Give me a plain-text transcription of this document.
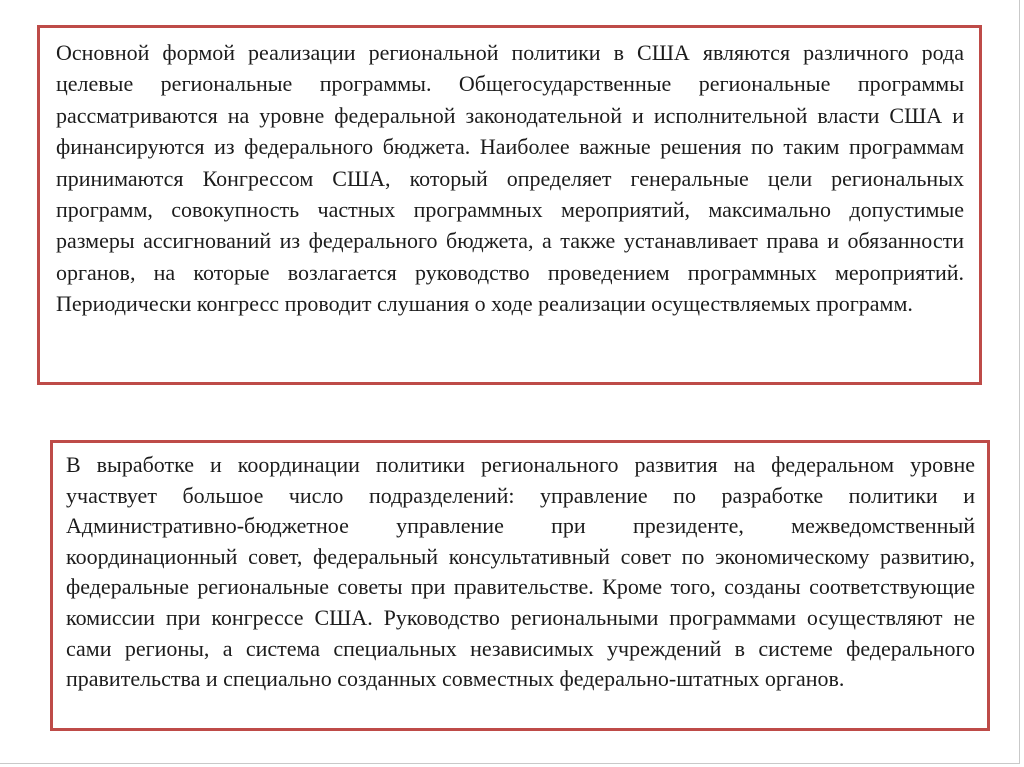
Основной формой реализации региональной политики в США являются различного рода целевые региональные программы. Общегосударственные региональные программы рассматриваются на уровне федеральной законодательной и исполнительной власти США и финансируются из федерального бюджета. Наиболее важные решения по таким программам принимаются Конгрессом США, который определяет генеральные цели региональных программ, совокупность частных программных мероприятий, максимально допустимые размеры ассигнований из федерального бюджета, а также устанавливает права и обязанности органов, на которые возлагается руководство проведением программных мероприятий. Периодически конгресс проводит слушания о ходе реализации осуществляемых программ.

В выработке и координации политики регионального развития на федеральном уровне участвует большое число подразделений: управление по разработке политики и Административно-бюджетное управление при президенте, межведомственный координационный совет, федеральный консультативный совет по экономическому развитию, федеральные региональные советы при правительстве. Кроме того, созданы соответствующие комиссии при конгрессе США. Руководство региональными программами осуществляют не сами регионы, а система специальных независимых учреждений в системе федерального правительства и специально созданных совместных федерально-штатных органов.
